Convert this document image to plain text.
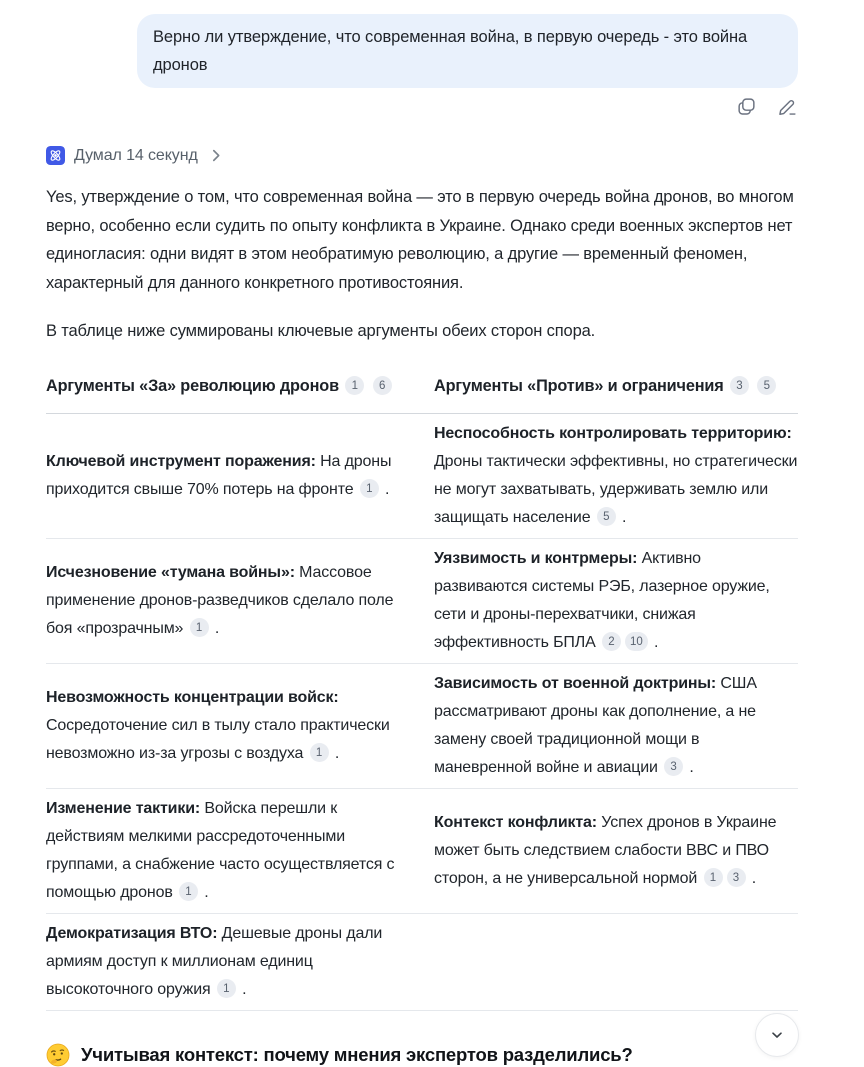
Верно ли утверждение, что современная война, в первую очередь - это война дронов
Думал 14 секунд

Yes, утверждение о том, что современная война — это в первую очередь война дронов, во многом верно, особенно если судить по опыту конфликта в Украине. Однако среди военных экспертов нет единогласия: одни видят в этом необратимую революцию, а другие — временный феномен, характерный для данного конкретного противостояния.

В таблице ниже суммированы ключевые аргументы обеих сторон спора.

Аргументы «За» революцию дронов 1 6	Аргументы «Против» и ограничения 3 5
Ключевой инструмент поражения: На дроны приходится свыше 70% потерь на фронте 1 .	Неспособность контролировать территорию: Дроны тактически эффективны, но стратегически не могут захватывать, удерживать землю или защищать население 5 .
Исчезновение «тумана войны»: Массовое применение дронов-разведчиков сделало поле боя «прозрачным» 1 .	Уязвимость и контрмеры: Активно развиваются системы РЭБ, лазерное оружие, сети и дроны-перехватчики, снижая эффективность БПЛА 2 10 .
Невозможность концентрации войск: Сосредоточение сил в тылу стало практически невозможно из-за угрозы с воздуха 1 .	Зависимость от военной доктрины: США рассматривают дроны как дополнение, а не замену своей традиционной мощи в маневренной войне и авиации 3 .
Изменение тактики: Войска перешли к действиям мелкими рассредоточенными группами, а снабжение часто осуществляется с помощью дронов 1 .	Контекст конфликта: Успех дронов в Украине может быть следствием слабости ВВС и ПВО сторон, а не универсальной нормой 1 3 .
Демократизация ВТО: Дешевые дроны дали армиям доступ к миллионам единиц высокоточного оружия 1 .	
Учитывая контекст: почему мнения экспертов разделились?
